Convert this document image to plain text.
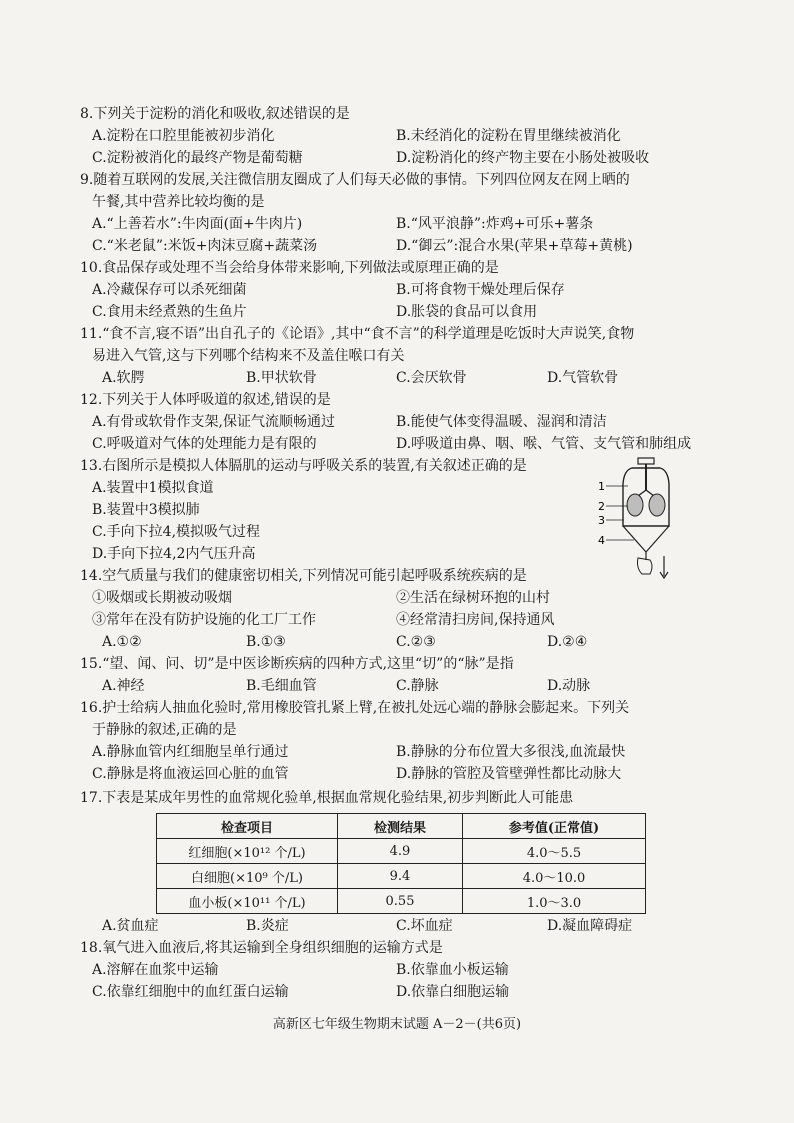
8.下列关于淀粉的消化和吸收,叙述错误的是
A.淀粉在口腔里能被初步消化	B.未经消化的淀粉在胃里继续被消化
C.淀粉被消化的最终产物是葡萄糖	D.淀粉消化的终产物主要在小肠处被吸收
9.随着互联网的发展,关注微信朋友圈成了人们每天必做的事情。下列四位网友在网上晒的
午餐,其中营养比较均衡的是
A.“上善若水”:牛肉面(面+牛肉片)	B.“风平浪静”:炸鸡+可乐+薯条
C.“米老鼠”:米饭+肉沫豆腐+蔬菜汤	D.“御云”:混合水果(苹果+草莓+黄桃)
10.食品保存或处理不当会给身体带来影响,下列做法或原理正确的是
A.冷藏保存可以杀死细菌	B.可将食物干燥处理后保存
C.食用未经煮熟的生鱼片	D.胀袋的食品可以食用
11.“食不言,寝不语”出自孔子的《论语》,其中“食不言”的科学道理是吃饭时大声说笑,食物
易进入气管,这与下列哪个结构来不及盖住喉口有关
A.软腭	B.甲状软骨	C.会厌软骨	D.气管软骨
12.下列关于人体呼吸道的叙述,错误的是
A.有骨或软骨作支架,保证气流顺畅通过	B.能使气体变得温暖、湿润和清洁
C.呼吸道对气体的处理能力是有限的	D.呼吸道由鼻、咽、喉、气管、支气管和肺组成
13.右图所示是模拟人体膈肌的运动与呼吸关系的装置,有关叙述正确的是
A.装置中1模拟食道
B.装置中3模拟肺
C.手向下拉4,模拟吸气过程
D.手向下拉4,2内气压升高
1
2
3
4
14.空气质量与我们的健康密切相关,下列情况可能引起呼吸系统疾病的是
①吸烟或长期被动吸烟	②生活在绿树环抱的山村
③常年在没有防护设施的化工厂工作	④经常清扫房间,保持通风
A.①②	B.①③	C.②③	D.②④
15.“望、闻、问、切”是中医诊断疾病的四种方式,这里“切”的“脉”是指
A.神经	B.毛细血管	C.静脉	D.动脉
16.护士给病人抽血化验时,常用橡胶管扎紧上臂,在被扎处远心端的静脉会膨起来。下列关
于静脉的叙述,正确的是
A.静脉血管内红细胞呈单行通过	B.静脉的分布位置大多很浅,血流最快
C.静脉是将血液运回心脏的血管	D.静脉的管腔及管壁弹性都比动脉大
17.下表是某成年男性的血常规化验单,根据血常规化验结果,初步判断此人可能患
检查项目	检测结果	参考值(正常值)
红细胞(×10¹² 个/L)	4.9	4.0～5.5
白细胞(×10⁹ 个/L)	9.4	4.0～10.0
血小板(×10¹¹ 个/L)	0.55	1.0～3.0
A.贫血症	B.炎症	C.坏血症	D.凝血障碍症
18.氧气进入血液后,将其运输到全身组织细胞的运输方式是
A.溶解在血浆中运输	B.依靠血小板运输
C.依靠红细胞中的血红蛋白运输	D.依靠白细胞运输
高新区七年级生物期末试题 A－2－(共6页)
